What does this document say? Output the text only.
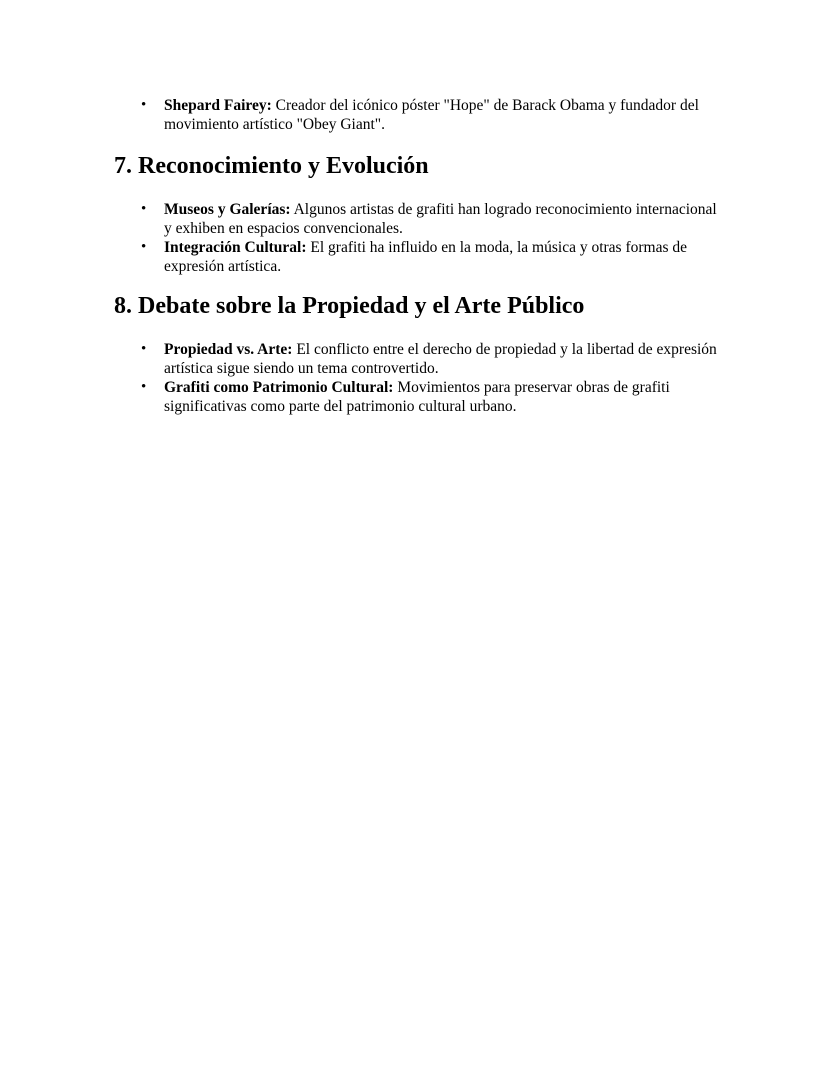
• Shepard Fairey: Creador del icónico póster "Hope" de Barack Obama y fundador del movimiento artístico "Obey Giant".
7. Reconocimiento y Evolución
• Museos y Galerías: Algunos artistas de grafiti han logrado reconocimiento internacional y exhiben en espacios convencionales.
• Integración Cultural: El grafiti ha influido en la moda, la música y otras formas de expresión artística.
8. Debate sobre la Propiedad y el Arte Público
• Propiedad vs. Arte: El conflicto entre el derecho de propiedad y la libertad de expresión artística sigue siendo un tema controvertido.
• Grafiti como Patrimonio Cultural: Movimientos para preservar obras de grafiti significativas como parte del patrimonio cultural urbano.
